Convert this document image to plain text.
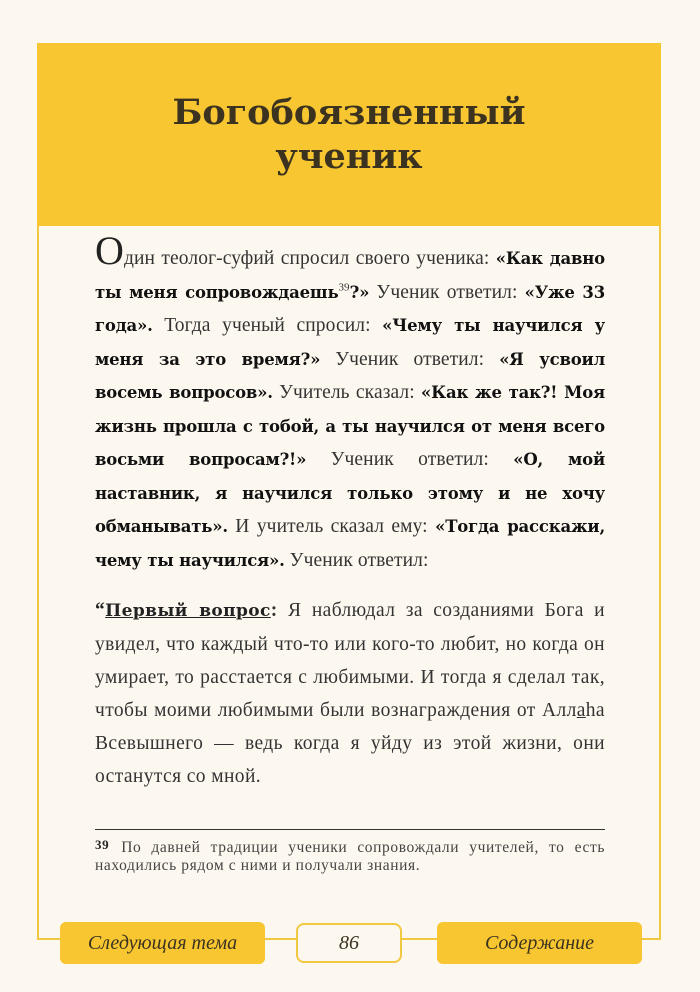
Богобоязненный
ученик
Один теолог-суфий спросил своего ученика: «Как давно ты меня сопровождаешь$^{39}$?» Ученик ответил: «Уже 33 года». Тогда ученый спросил: «Чему ты научился у меня за это время?» Ученик ответил: «Я усвоил восемь вопросов». Учитель сказал: «Как же так?! Моя жизнь прошла с тобой, а ты научился от меня всего восьми вопросам?!» Ученик ответил: «О, мой наставник, я научился только этому и не хочу обманывать». И учитель сказал ему: «Тогда расскажи, чему ты научился». Ученик ответил:
“Первый вопрос: Я наблюдал за созданиями Бога и увидел, что каждый что-то или кого-то любит, но когда он умирает, то расстается с любимыми. И тогда я сделал так, чтобы моими любимыми были вознаграждения от Аллаhа Всевышнего — ведь когда я уйду из этой жизни, они останутся со мной.
39 По давней традиции ученики сопровождали учителей, то есть находились рядом с ними и получали знания.
Следующая тема	86	Содержание
